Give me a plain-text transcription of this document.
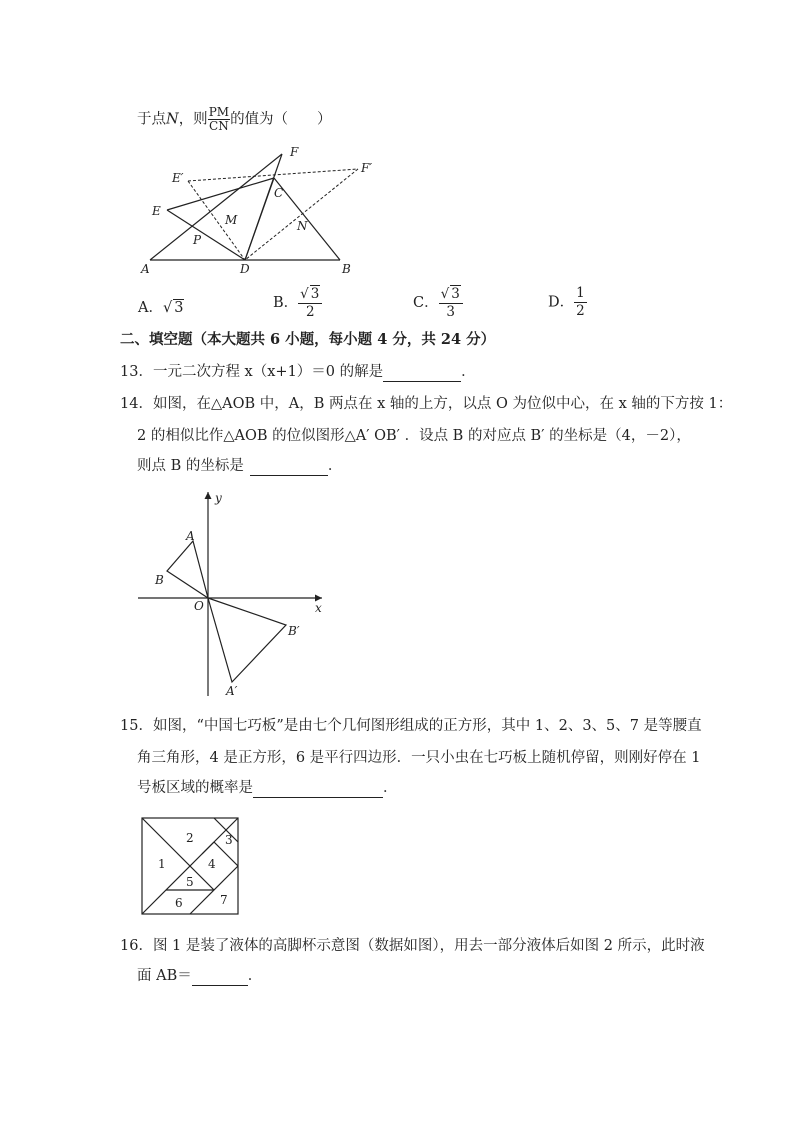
于点N，则 $\frac{PM}{CN}$ 的值为（　　）
F
E′
F′
C
E
M	N
P
A	D	B
A．√ 3	B． $\frac{√ 3}{2}$	C． $\frac{√ 3}{3}$	D． $\frac{1}{2}$
二、填空题（本大题共 6 小题，每小题 4 分，共 24 分）
13．一元二次方程 x（x+1）＝0 的解是	．
14．如图，在△AOB 中，A，B 两点在 x 轴的上方，以点 O 为位似中心，在 x 轴的下方按 1：
2 的相似比作△AOB 的位似图形△A′ OB′ ．设点 B 的对应点 B′ 的坐标是（4，－2），
则点 B 的坐标是	．
y
A
B
O	x
B′
A′
15．如图，“中国七巧板”是由七个几何图形组成的正方形，其中 1、2、3、5、7 是等腰直
角三角形，4 是正方形，6 是平行四边形．一只小虫在七巧板上随机停留，则刚好停在 1
号板区域的概率是	．
2	3
1	4
5
6	7
16．图 1 是装了液体的高脚杯示意图（数据如图），用去一部分液体后如图 2 所示，此时液
面 AB＝	．
